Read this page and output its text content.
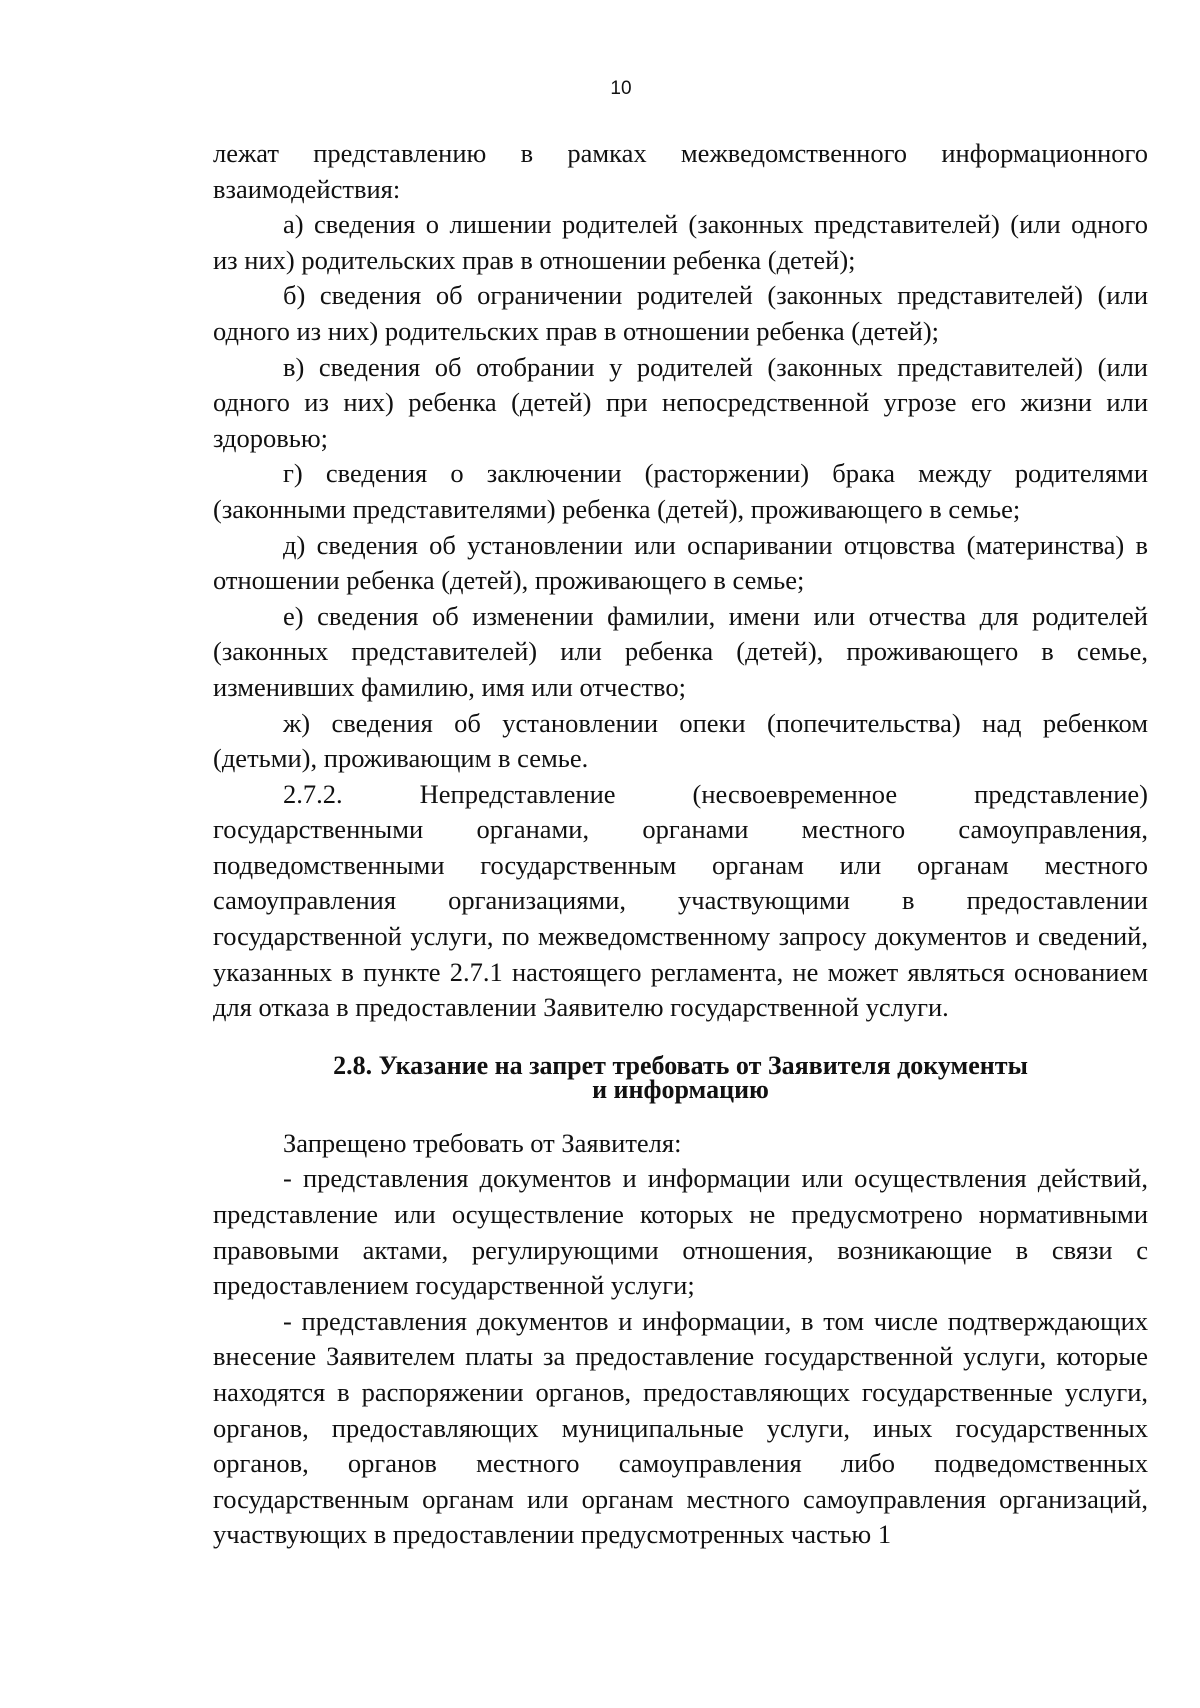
10

лежат представлению в рамках межведомственного информационного взаимодействия:

а) сведения о лишении родителей (законных представителей) (или одного из них) родительских прав в отношении ребенка (детей);

б) сведения об ограничении родителей (законных представителей) (или одного из них) родительских прав в отношении ребенка (детей);

в) сведения об отобрании у родителей (законных представителей) (или одного из них) ребенка (детей) при непосредственной угрозе его жизни или здоровью;

г) сведения о заключении (расторжении) брака между родителями (законными представителями) ребенка (детей), проживающего в семье;

д) сведения об установлении или оспаривании отцовства (материнства) в отношении ребенка (детей), проживающего в семье;

е) сведения об изменении фамилии, имени или отчества для родителей (законных представителей) или ребенка (детей), проживающего в семье, изменивших фамилию, имя или отчество;

ж) сведения об установлении опеки (попечительства) над ребенком (детьми), проживающим в семье.

2.7.2. Непредставление (несвоевременное представление) государственными органами, органами местного самоуправления, подведомственными государственным органам или органам местного самоуправления организациями, участвующими в предоставлении государственной услуги, по межведомственному запросу документов и сведений, указанных в пункте 2.7.1 настоящего регламента, не может являться основанием для отказа в предоставлении Заявителю государственной услуги.

2.8. Указание на запрет требовать от Заявителя документы
и информацию

Запрещено требовать от Заявителя:

- представления документов и информации или осуществления действий, представление или осуществление которых не предусмотрено нормативными правовыми актами, регулирующими отношения, возникающие в связи с предоставлением государственной услуги;

- представления документов и информации, в том числе подтверждающих внесение Заявителем платы за предоставление государственной услуги, которые находятся в распоряжении органов, предоставляющих государственные услуги, органов, предоставляющих муниципальные услуги, иных государственных органов, органов местного самоуправления либо подведомственных государственным органам или органам местного самоуправления организаций, участвующих в предоставлении предусмотренных частью 1
